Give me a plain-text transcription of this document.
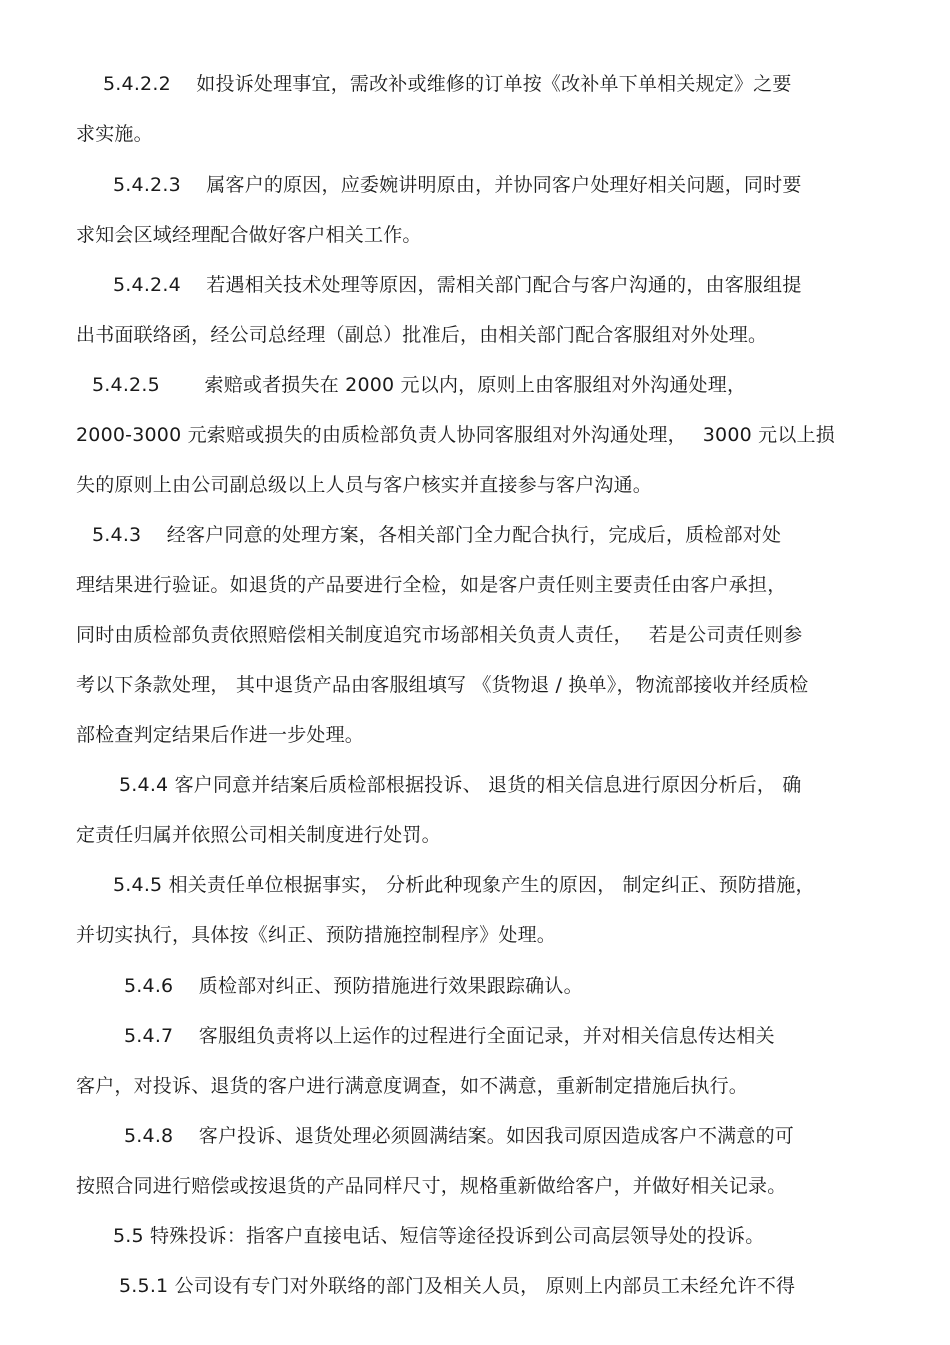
5.4.2.2　 如投诉处理事宜，需改补或维修的订单按《改补单下单相关规定》之要
求实施。
5.4.2.3　 属客户的原因，应委婉讲明原由，并协同客户处理好相关问题，同时要
求知会区域经理配合做好客户相关工作。
5.4.2.4　 若遇相关技术处理等原因，需相关部门配合与客户沟通的，由客服组提
出书面联络函，经公司总经理（副总）批准后，由相关部门配合客服组对外处理。
5.4.2.5　　 索赔或者损失在 2000 元以内，原则上由客服组对外沟通处理，
2000-3000 元索赔或损失的由质检部负责人协同客服组对外沟通处理，　 3000 元以上损
失的原则上由公司副总级以上人员与客户核实并直接参与客户沟通。
5.4.3　 经客户同意的处理方案，各相关部门全力配合执行，完成后，质检部对处
理结果进行验证。如退货的产品要进行全检，如是客户责任则主要责任由客户承担，
同时由质检部负责依照赔偿相关制度追究市场部相关负责人责任，　 若是公司责任则参
考以下条款处理， 其中退货产品由客服组填写 《货物退 / 换单》，物流部接收并经质检
部检查判定结果后作进一步处理。
5.4.4 客户同意并结案后质检部根据投诉、 退货的相关信息进行原因分析后， 确
定责任归属并依照公司相关制度进行处罚。
5.4.5 相关责任单位根据事实， 分析此种现象产生的原因， 制定纠正、预防措施，
并切实执行，具体按《纠正、预防措施控制程序》处理。
5.4.6　 质检部对纠正、预防措施进行效果跟踪确认。
5.4.7　 客服组负责将以上运作的过程进行全面记录，并对相关信息传达相关
客户，对投诉、退货的客户进行满意度调查，如不满意，重新制定措施后执行。
5.4.8　 客户投诉、退货处理必须圆满结案。如因我司原因造成客户不满意的可
按照合同进行赔偿或按退货的产品同样尺寸，规格重新做给客户，并做好相关记录。
5.5 特殊投诉：指客户直接电话、短信等途径投诉到公司高层领导处的投诉。
5.5.1 公司设有专门对外联络的部门及相关人员， 原则上内部员工未经允许不得
